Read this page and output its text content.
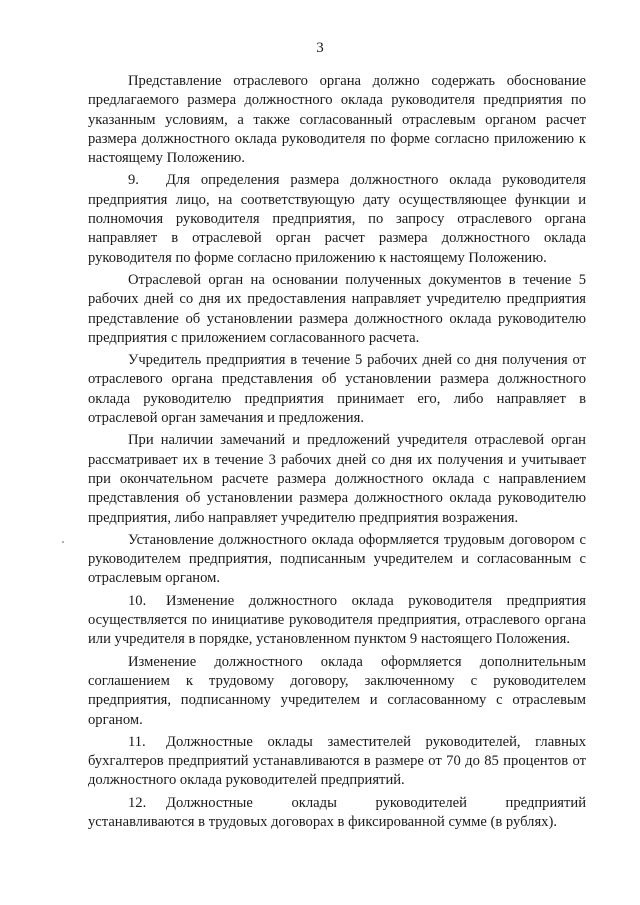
3

Представление отраслевого органа должно содержать обоснование предлагаемого размера должностного оклада руководителя предприятия по указанным условиям, а также согласованный отраслевым органом расчет размера должностного оклада руководителя по форме согласно приложению к настоящему Положению.

9. Для определения размера должностного оклада руководителя предприятия лицо, на соответствующую дату осуществляющее функции и полномочия руководителя предприятия, по запросу отраслевого органа направляет в отраслевой орган расчет размера должностного оклада руководителя по форме согласно приложению к настоящему Положению.

Отраслевой орган на основании полученных документов в течение 5 рабочих дней со дня их предоставления направляет учредителю предприятия представление об установлении размера должностного оклада руководителю предприятия с приложением согласованного расчета.

Учредитель предприятия в течение 5 рабочих дней со дня получения от отраслевого органа представления об установлении размера должностного оклада руководителю предприятия принимает его, либо направляет в отраслевой орган замечания и предложения.

При наличии замечаний и предложений учредителя отраслевой орган рассматривает их в течение 3 рабочих дней со дня их получения и учитывает при окончательном расчете размера должностного оклада с направлением представления об установлении размера должностного оклада руководителю предприятия, либо направляет учредителю предприятия возражения.

Установление должностного оклада оформляется трудовым договором с руководителем предприятия, подписанным учредителем и согласованным с отраслевым органом.

10. Изменение должностного оклада руководителя предприятия осуществляется по инициативе руководителя предприятия, отраслевого органа или учредителя в порядке, установленном пунктом 9 настоящего Положения.

Изменение должностного оклада оформляется дополнительным соглашением к трудовому договору, заключенному с руководителем предприятия, подписанному учредителем и согласованному с отраслевым органом.

11. Должностные оклады заместителей руководителей, главных бухгалтеров предприятий устанавливаются в размере от 70 до 85 процентов от должностного оклада руководителей предприятий.

12. Должностные оклады руководителей предприятий устанавливаются в трудовых договорах в фиксированной сумме (в рублях).
